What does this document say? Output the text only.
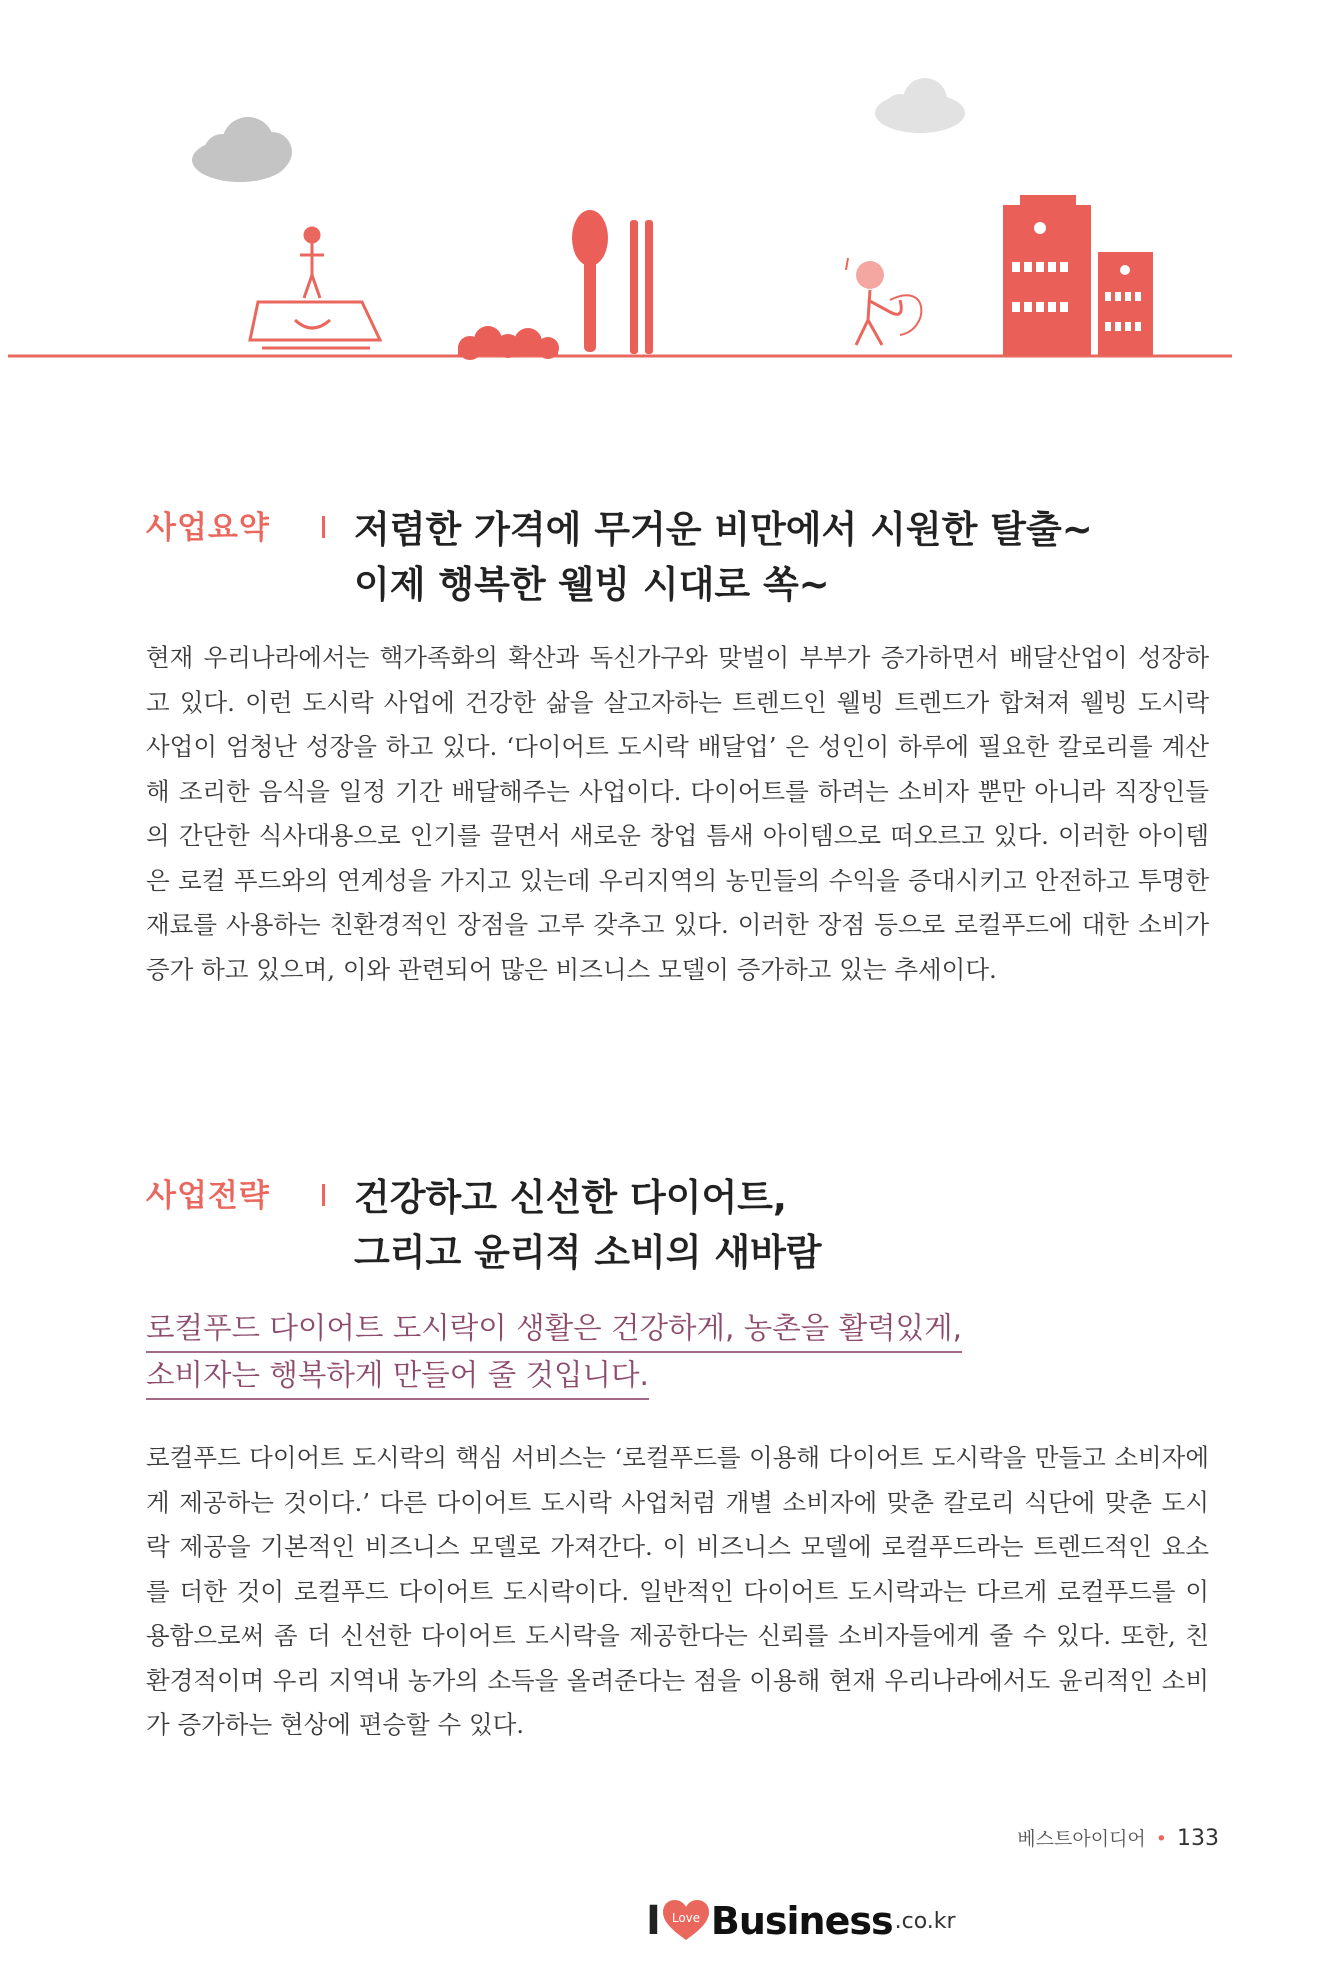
사업요약	저렴한 가격에 무거운 비만에서 시원한 탈출~
이제 행복한 웰빙 시대로 쏙~

현재 우리나라에서는 핵가족화의 확산과 독신가구와 맞벌이 부부가 증가하면서 배달산업이 성장하고 있다. 이런 도시락 사업에 건강한 삶을 살고자하는 트렌드인 웰빙 트렌드가 합쳐져 웰빙 도시락 사업이 엄청난 성장을 하고 있다. ‘다이어트 도시락 배달업’ 은 성인이 하루에 필요한 칼로리를 계산해 조리한 음식을 일정 기간 배달해주는 사업이다. 다이어트를 하려는 소비자 뿐만 아니라 직장인들의 간단한 식사대용으로 인기를 끌면서 새로운 창업 틈새 아이템으로 떠오르고 있다. 이러한 아이템은 로컬 푸드와의 연계성을 가지고 있는데 우리지역의 농민들의 수익을 증대시키고 안전하고 투명한 재료를 사용하는 친환경적인 장점을 고루 갖추고 있다. 이러한 장점 등으로 로컬푸드에 대한 소비가 증가 하고 있으며, 이와 관련되어 많은 비즈니스 모델이 증가하고 있는 추세이다.

사업전략	건강하고 신선한 다이어트,
그리고 윤리적 소비의 새바람
로컬푸드 다이어트 도시락이 생활은 건강하게, 농촌을 활력있게,
소비자는 행복하게 만들어 줄 것입니다.

로컬푸드 다이어트 도시락의 핵심 서비스는 ‘로컬푸드를 이용해 다이어트 도시락을 만들고 소비자에게 제공하는 것이다.’ 다른 다이어트 도시락 사업처럼 개별 소비자에 맞춘 칼로리 식단에 맞춘 도시락 제공을 기본적인 비즈니스 모델로 가져간다. 이 비즈니스 모델에 로컬푸드라는 트렌드적인 요소를 더한 것이 로컬푸드 다이어트 도시락이다. 일반적인 다이어트 도시락과는 다르게 로컬푸드를 이용함으로써 좀 더 신선한 다이어트 도시락을 제공한다는 신뢰를 소비자들에게 줄 수 있다. 또한, 친환경적이며 우리 지역내 농가의 소득을 올려준다는 점을 이용해 현재 우리나라에서도 윤리적인 소비가 증가하는 현상에 편승할 수 있다.

베스트아이디어 • 133
I Love Business .co.kr
